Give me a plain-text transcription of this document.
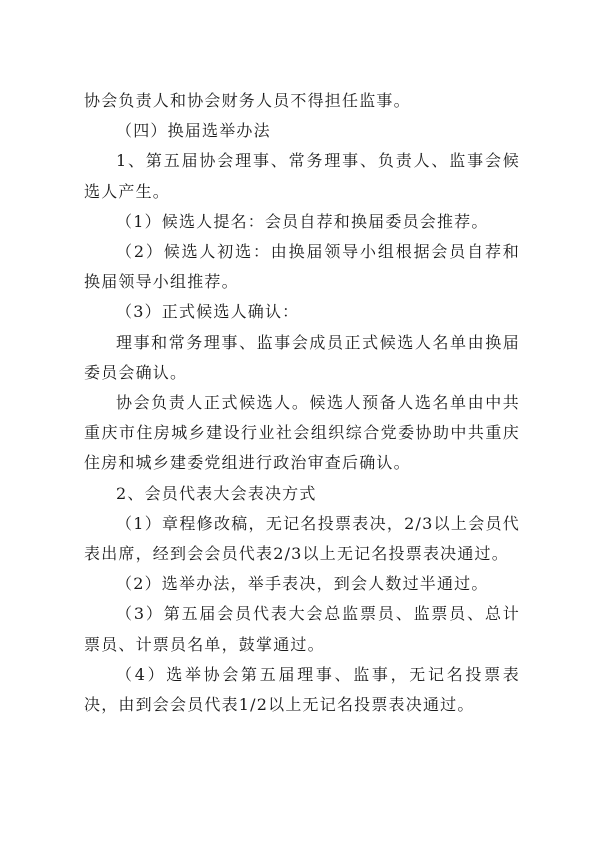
协会负责人和协会财务人员不得担任监事。

（四）换届选举办法

1、第五届协会理事、常务理事、负责人、监事会候选人产生。

（1）候选人提名：会员自荐和换届委员会推荐。

（2）候选人初选：由换届领导小组根据会员自荐和换届领导小组推荐。

（3）正式候选人确认：

理事和常务理事、监事会成员正式候选人名单由换届委员会确认。

协会负责人正式候选人。候选人预备人选名单由中共重庆市住房城乡建设行业社会组织综合党委协助中共重庆住房和城乡建委党组进行政治审查后确认。

2、会员代表大会表决方式

（1）章程修改稿，无记名投票表决，2/3以上会员代表出席，经到会会员代表2/3以上无记名投票表决通过。

（2）选举办法，举手表决，到会人数过半通过。

（3）第五届会员代表大会总监票员、监票员、总计票员、计票员名单，鼓掌通过。

（4）选举协会第五届理事、监事，无记名投票表决，由到会会员代表1/2以上无记名投票表决通过。
